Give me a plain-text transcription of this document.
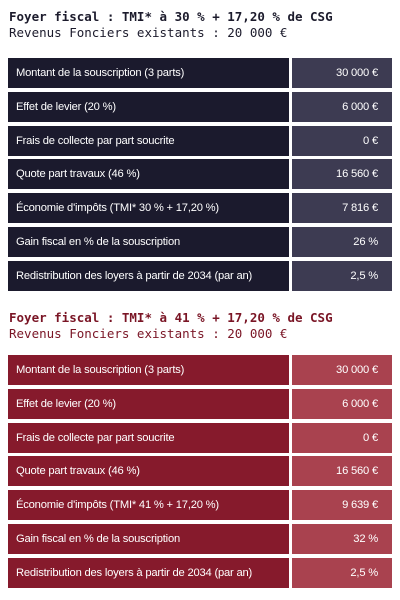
Foyer fiscal : TMI* à 30 % + 17,20 % de CSG
Revenus Fonciers existants : 20 000 €
Montant de la souscription (3 parts)	30 000 €
Effet de levier (20 %)	6 000 €
Frais de collecte par part soucrite	0 €
Quote part travaux (46 %)	16 560 €
Économie d'impôts (TMI* 30 % + 17,20 %)	7 816 €
Gain fiscal en % de la souscription	26 %
Redistribution des loyers à partir de 2034 (par an)	2,5 %
Foyer fiscal : TMI* à 41 % + 17,20 % de CSG
Revenus Fonciers existants : 20 000 €
Montant de la souscription (3 parts)	30 000 €
Effet de levier (20 %)	6 000 €
Frais de collecte par part soucrite	0 €
Quote part travaux (46 %)	16 560 €
Économie d'impôts (TMI* 41 % + 17,20 %)	9 639 €
Gain fiscal en % de la souscription	32 %
Redistribution des loyers à partir de 2034 (par an)	2,5 %
